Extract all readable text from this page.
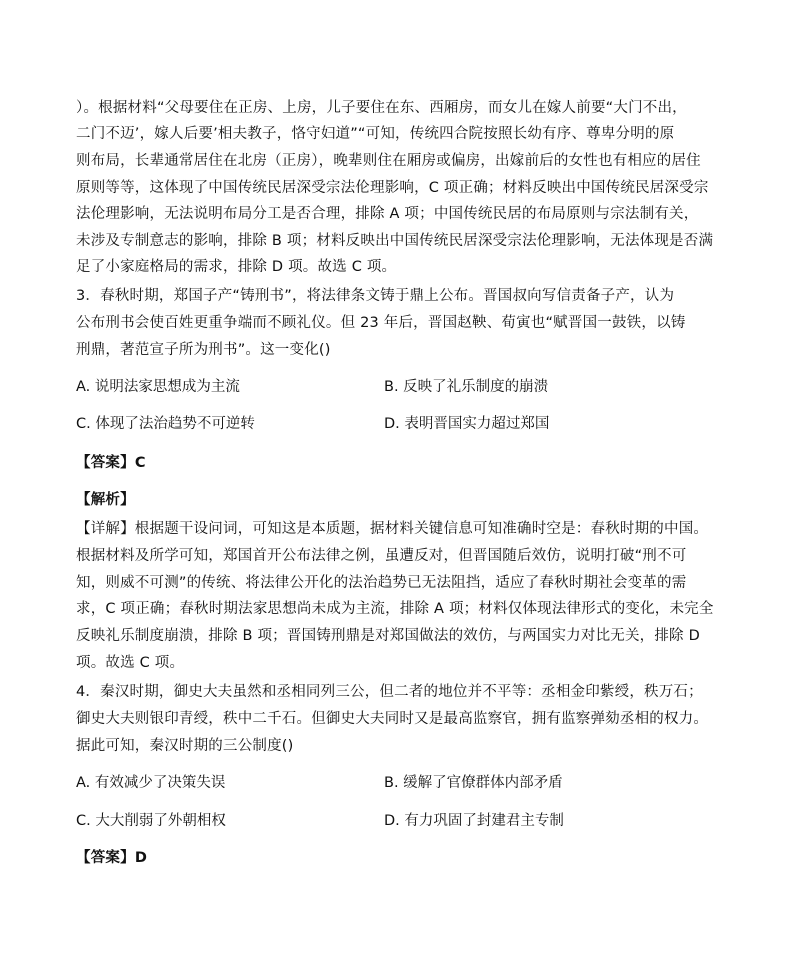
）。根据材料“父母要住在正房、上房，儿子要住在东、西厢房，而女儿在嫁人前要“大门不出，
二门不迈’，嫁人后要’相夫教子，恪守妇道”“可知，传统四合院按照长幼有序、尊卑分明的原
则布局，长辈通常居住在北房（正房），晚辈则住在厢房或偏房，出嫁前后的女性也有相应的居住
原则等等，这体现了中国传统民居深受宗法伦理影响，C 项正确；材料反映出中国传统民居深受宗
法伦理影响，无法说明布局分工是否合理，排除 A 项；中国传统民居的布局原则与宗法制有关，
未涉及专制意志的影响，排除 B 项；材料反映出中国传统民居深受宗法伦理影响，无法体现是否满
足了小家庭格局的需求，排除 D 项。故选 C 项。
3．春秋时期，郑国子产“铸刑书”，将法律条文铸于鼎上公布。晋国叔向写信责备子产，认为
公布刑书会使百姓更重争端而不顾礼仪。但 23 年后，晋国赵鞅、荀寅也“赋晋国一鼓铁，以铸
刑鼎，著范宣子所为刑书”。这一变化()
A. 说明法家思想成为主流	B. 反映了礼乐制度的崩溃
C. 体现了法治趋势不可逆转	D. 表明晋国实力超过郑国
【答案】C
【解析】
【详解】根据题干设问词，可知这是本质题，据材料关键信息可知准确时空是：春秋时期的中国。
根据材料及所学可知，郑国首开公布法律之例，虽遭反对，但晋国随后效仿，说明打破“刑不可
知，则威不可测”的传统、将法律公开化的法治趋势已无法阻挡，适应了春秋时期社会变革的需
求，C 项正确；春秋时期法家思想尚未成为主流，排除 A 项；材料仅体现法律形式的变化，未完全
反映礼乐制度崩溃，排除 B 项；晋国铸刑鼎是对郑国做法的效仿，与两国实力对比无关，排除 D
项。故选 C 项。
4．秦汉时期，御史大夫虽然和丞相同列三公，但二者的地位并不平等：丞相金印紫绶，秩万石；
御史大夫则银印青绶，秩中二千石。但御史大夫同时又是最高监察官，拥有监察弹劾丞相的权力。
据此可知，秦汉时期的三公制度()
A. 有效减少了决策失误	B. 缓解了官僚群体内部矛盾
C. 大大削弱了外朝相权	D. 有力巩固了封建君主专制
【答案】D
